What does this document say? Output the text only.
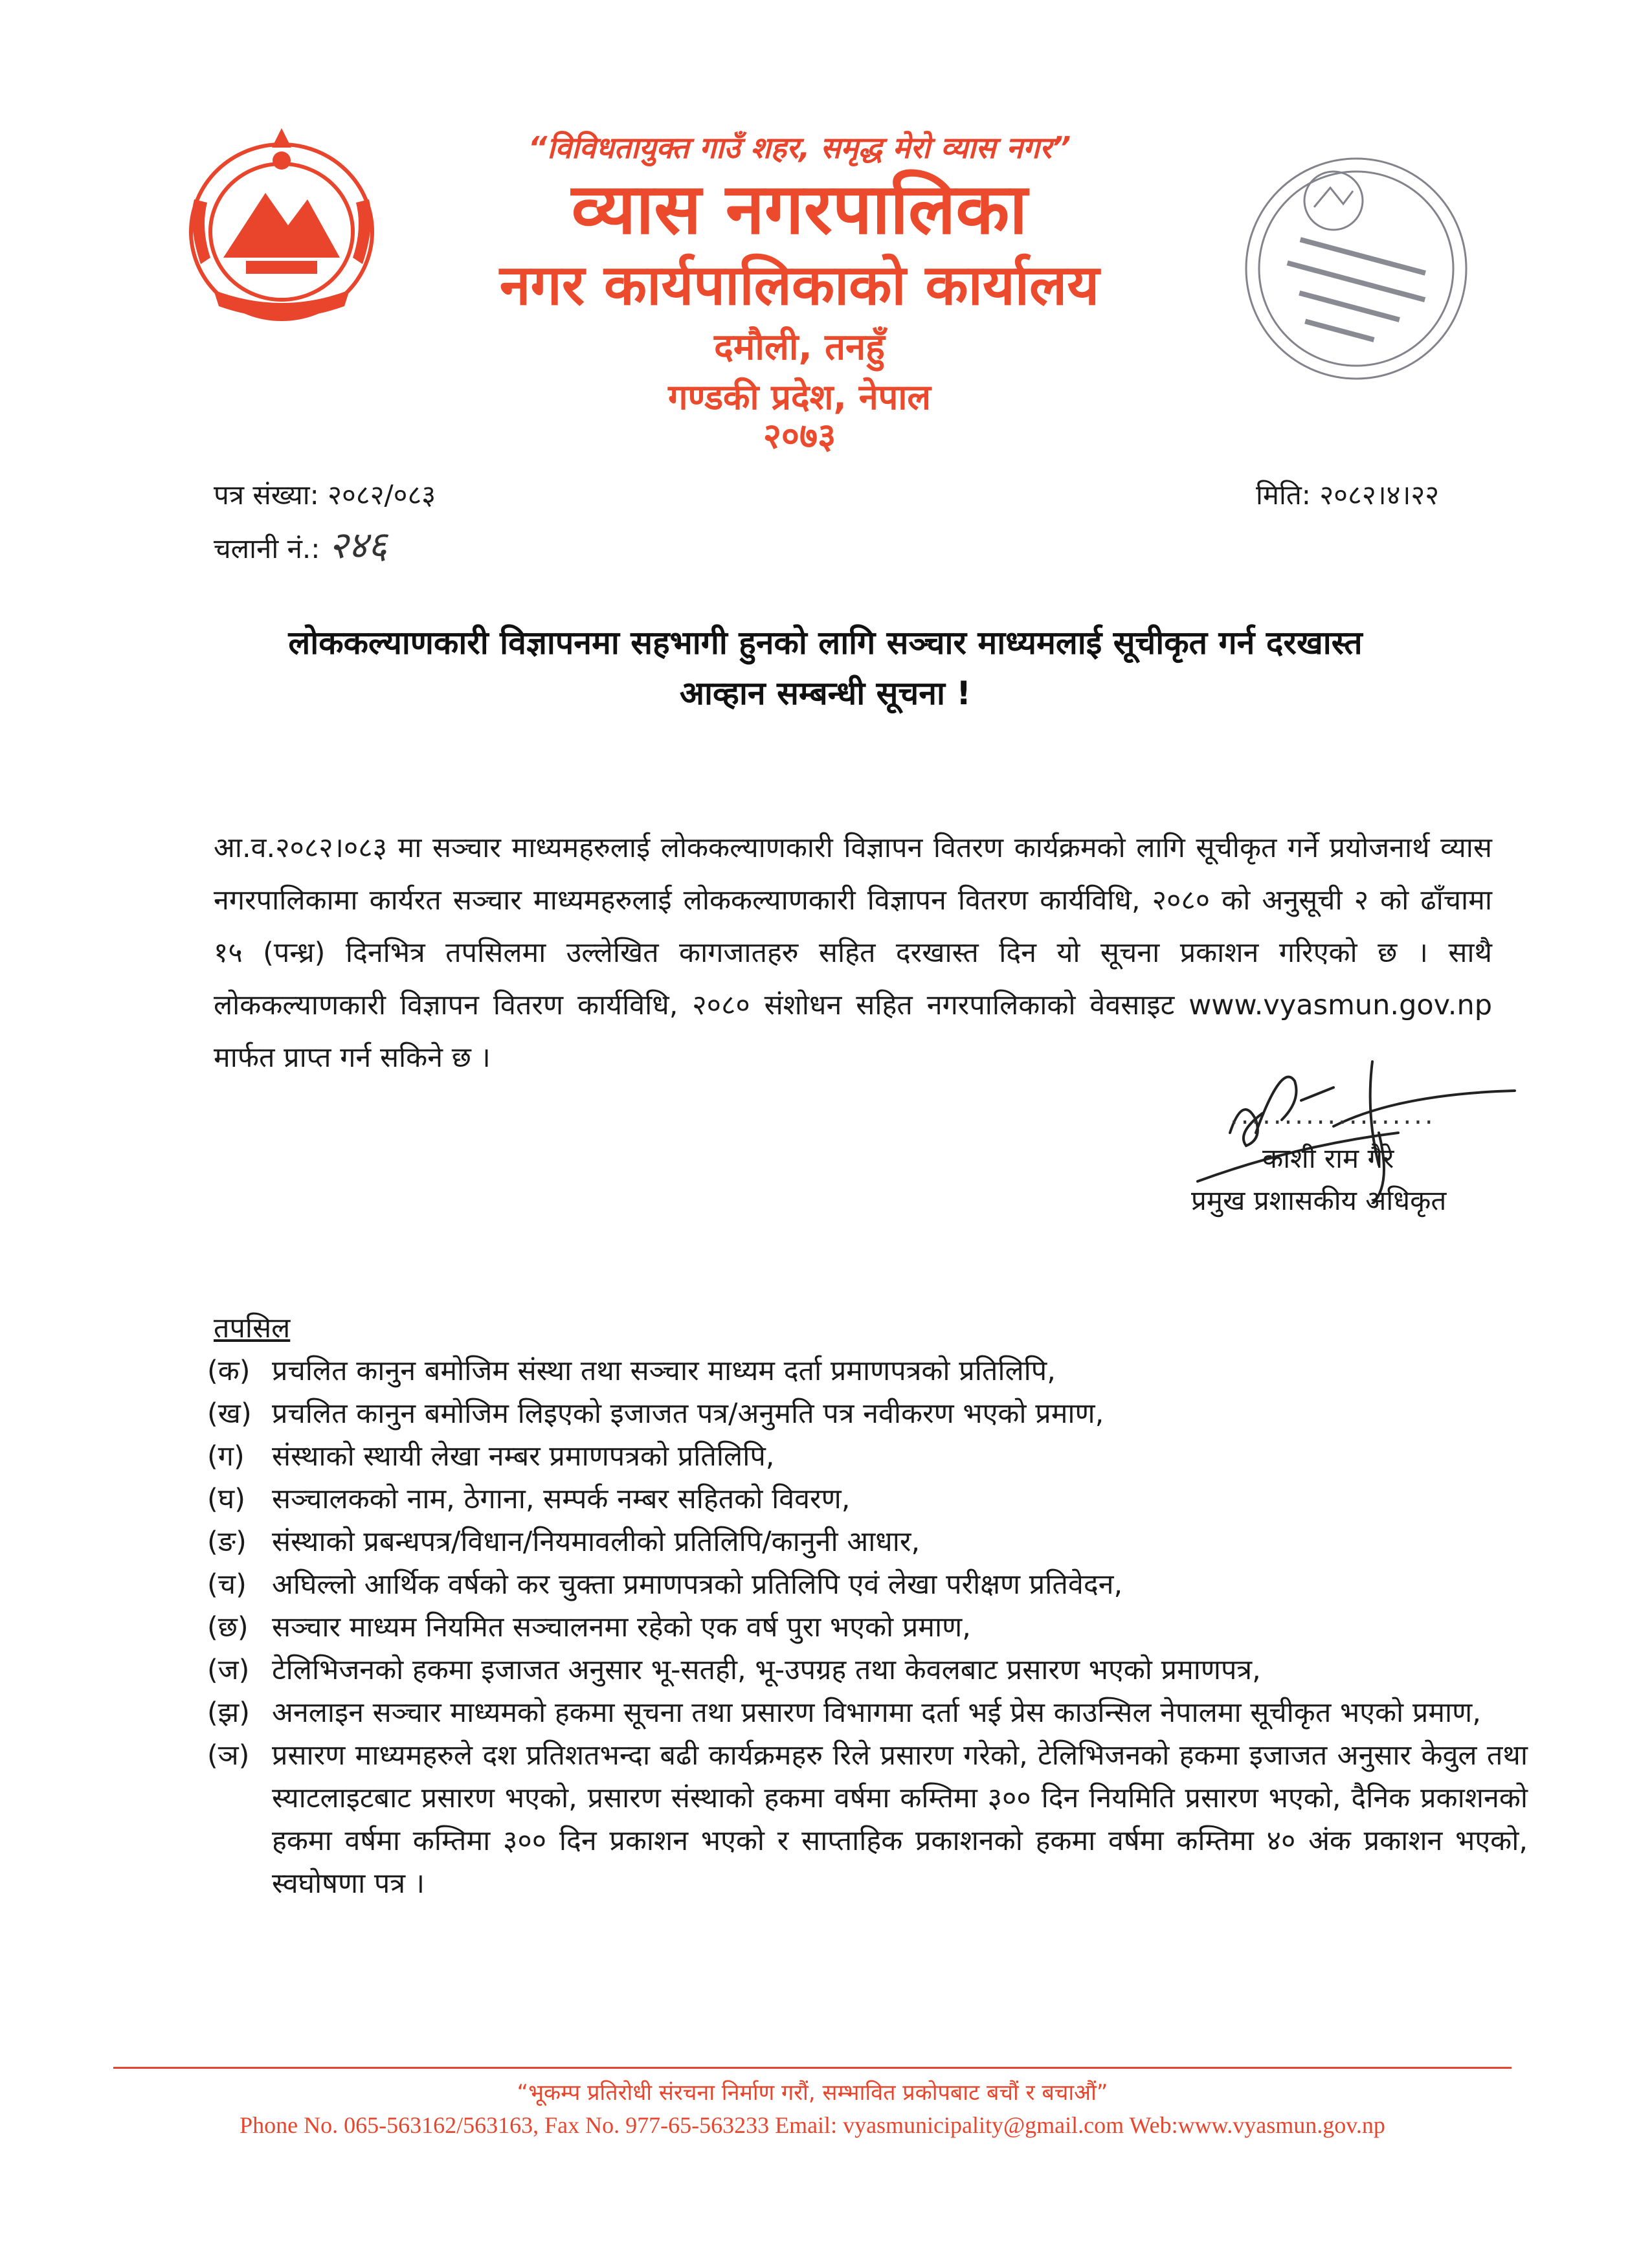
“विविधतायुक्त गाउँ शहर, समृद्ध मेरो व्यास नगर”
व्यास नगरपालिका
नगर कार्यपालिकाको कार्यालय
दमौली, तनहुँ
गण्डकी प्रदेश, नेपाल
२०७३
पत्र संख्या: २०८२/०८३
चलानी नं.: २४६
मिति: २०८२।४।२२
लोककल्याणकारी विज्ञापनमा सहभागी हुनको लागि सञ्चार माध्यमलाई सूचीकृत गर्न दरखास्त
आव्हान सम्बन्धी सूचना !
आ.व.२०८२।०८३ मा सञ्चार माध्यमहरुलाई लोककल्याणकारी विज्ञापन वितरण कार्यक्रमको लागि सूचीकृत गर्ने प्रयोजनार्थ व्यास नगरपालिकामा कार्यरत सञ्चार माध्यमहरुलाई लोककल्याणकारी विज्ञापन वितरण कार्यविधि, २०८० को अनुसूची २ को ढाँचामा १५ (पन्ध्र) दिनभित्र तपसिलमा उल्लेखित कागजातहरु सहित दरखास्त दिन यो सूचना प्रकाशन गरिएको छ । साथै लोककल्याणकारी विज्ञापन वितरण कार्यविधि, २०८० संशोधन सहित नगरपालिकाको वेवसाइट www.vyasmun.gov.np मार्फत प्राप्त गर्न सकिने छ ।
...................
काशी राम गैरे
प्रमुख प्रशासकीय अधिकृत
तपसिल
(क) प्रचलित कानुन बमोजिम संस्था तथा सञ्चार माध्यम दर्ता प्रमाणपत्रको प्रतिलिपि,
(ख) प्रचलित कानुन बमोजिम लिइएको इजाजत पत्र/अनुमति पत्र नवीकरण भएको प्रमाण,
(ग) संस्थाको स्थायी लेखा नम्बर प्रमाणपत्रको प्रतिलिपि,
(घ) सञ्चालकको नाम, ठेगाना, सम्पर्क नम्बर सहितको विवरण,
(ङ) संस्थाको प्रबन्धपत्र/विधान/नियमावलीको प्रतिलिपि/कानुनी आधार,
(च) अघिल्लो आर्थिक वर्षको कर चुक्ता प्रमाणपत्रको प्रतिलिपि एवं लेखा परीक्षण प्रतिवेदन,
(छ) सञ्चार माध्यम नियमित सञ्चालनमा रहेको एक वर्ष पुरा भएको प्रमाण,
(ज) टेलिभिजनको हकमा इजाजत अनुसार भू-सतही, भू-उपग्रह तथा केवलबाट प्रसारण भएको प्रमाणपत्र,
(झ) अनलाइन सञ्चार माध्यमको हकमा सूचना तथा प्रसारण विभागमा दर्ता भई प्रेस काउन्सिल नेपालमा सूचीकृत भएको प्रमाण,
(ञ) प्रसारण माध्यमहरुले दश प्रतिशतभन्दा बढी कार्यक्रमहरु रिले प्रसारण गरेको, टेलिभिजनको हकमा इजाजत अनुसार केवुल तथा स्याटलाइटबाट प्रसारण भएको, प्रसारण संस्थाको हकमा वर्षमा कम्तिमा ३०० दिन नियमिति प्रसारण भएको, दैनिक प्रकाशनको हकमा वर्षमा कम्तिमा ३०० दिन प्रकाशन भएको र साप्ताहिक प्रकाशनको हकमा वर्षमा कम्तिमा ४० अंक प्रकाशन भएको, स्वघोषणा पत्र ।
“भूकम्प प्रतिरोधी संरचना निर्माण गरौं, सम्भावित प्रकोपबाट बचौं र बचाऔं”
Phone No. 065-563162/563163, Fax No. 977-65-563233 Email: vyasmunicipality@gmail.com Web:www.vyasmun.gov.np
